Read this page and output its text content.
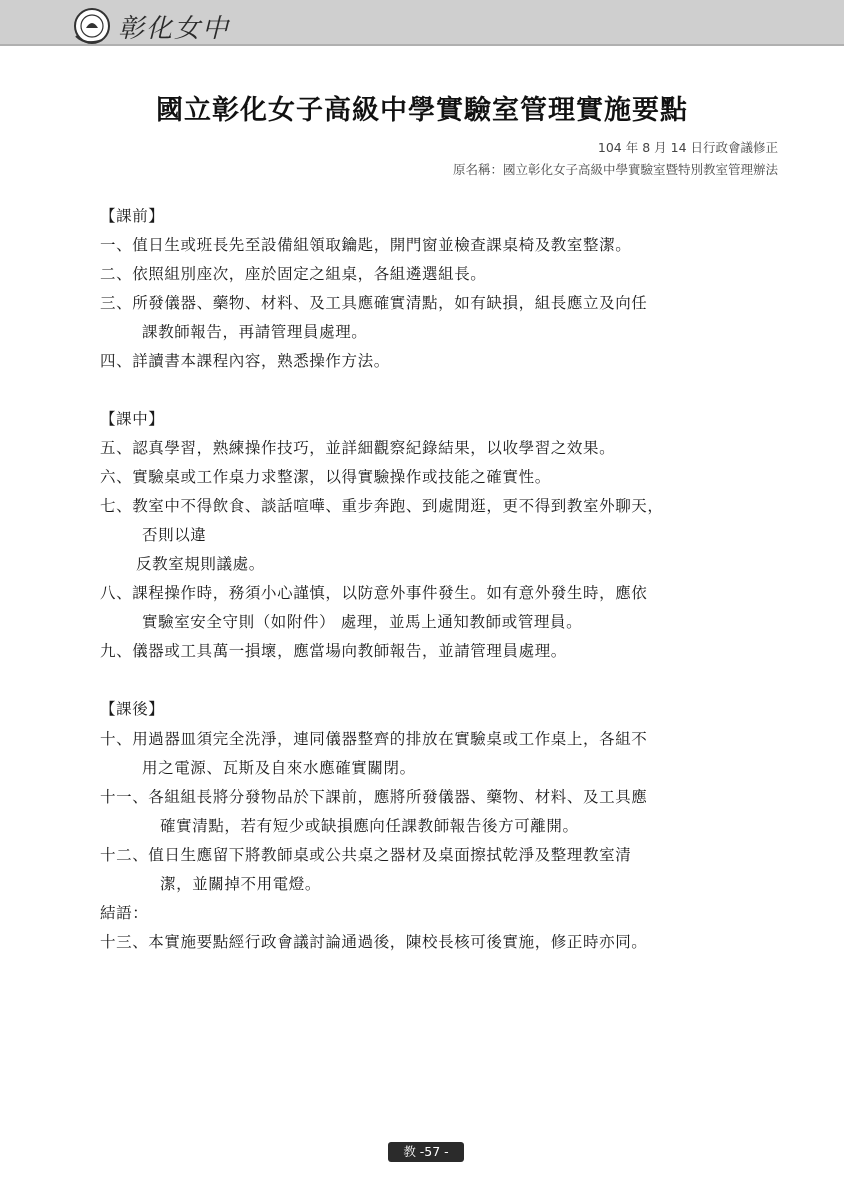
彰化女中
國立彰化女子高級中學實驗室管理實施要點
104 年 8 月 14 日行政會議修正
原名稱：國立彰化女子高級中學實驗室暨特別教室管理辦法
【課前】
一、值日生或班長先至設備組領取鑰匙，開門窗並檢查課桌椅及教室整潔。
二、依照組別座次，座於固定之組桌，各組遴選組長。
三、所發儀器、藥物、材料、及工具應確實清點，如有缺損，組長應立及向任
課教師報告，再請管理員處理。
四、詳讀書本課程內容，熟悉操作方法。
【課中】
五、認真學習，熟練操作技巧，並詳細觀察紀錄結果，以收學習之效果。
六、實驗桌或工作桌力求整潔，以得實驗操作或技能之確實性。
七、教室中不得飲食、談話喧嘩、重步奔跑、到處閒逛，更不得到教室外聊天，
否則以違
反教室規則議處。
八、課程操作時，務須小心謹慎，以防意外事件發生。如有意外發生時，應依
實驗室安全守則（如附件） 處理，並馬上通知教師或管理員。
九、儀器或工具萬一損壞，應當場向教師報告，並請管理員處理。
【課後】
十、用過器皿須完全洗淨，連同儀器整齊的排放在實驗桌或工作桌上，各組不
用之電源、瓦斯及自來水應確實關閉。
十一、各組組長將分發物品於下課前，應將所發儀器、藥物、材料、及工具應
確實清點，若有短少或缺損應向任課教師報告後方可離開。
十二、值日生應留下將教師桌或公共桌之器材及桌面擦拭乾淨及整理教室清
潔，並關掉不用電燈。
結語：
十三、本實施要點經行政會議討論通過後，陳校長核可後實施，修正時亦同。
教 -57 -
